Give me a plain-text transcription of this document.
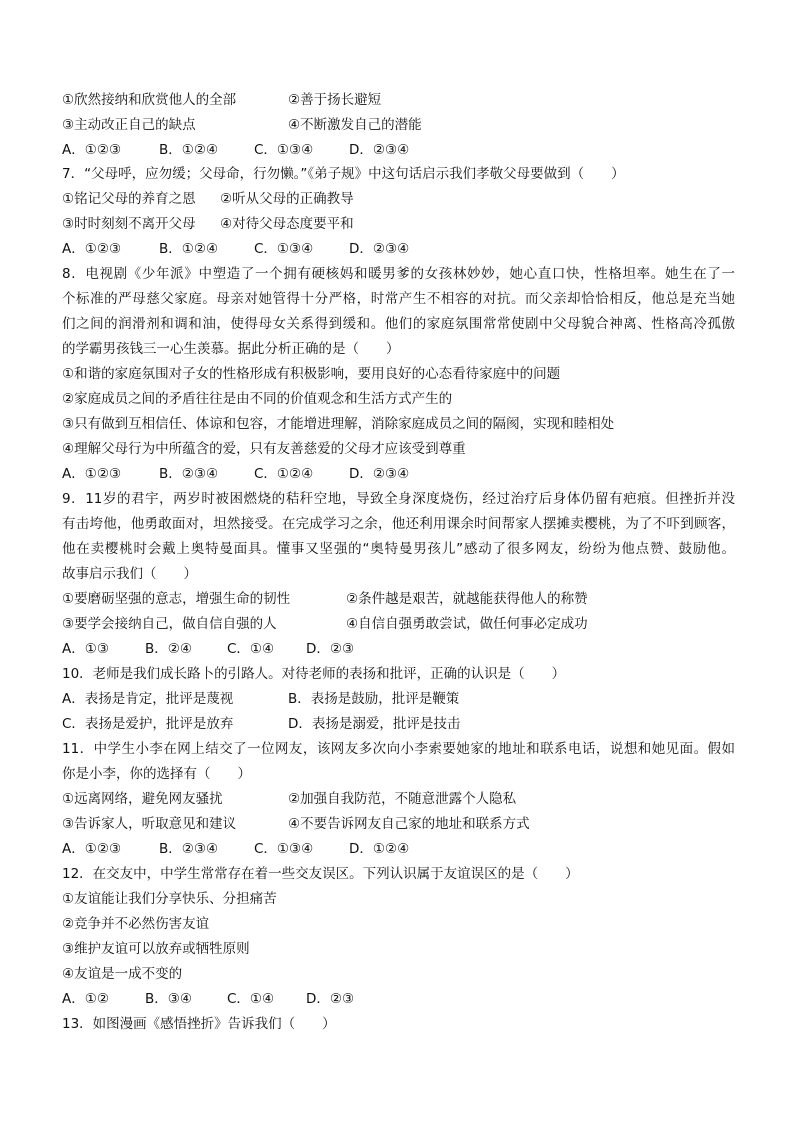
①欣然接纳和欣赏他人的全部	②善于扬长避短
③主动改正自己的缺点	④不断激发自己的潜能
A．①②③	B．①②④	C．①③④	D．②③④
7．“父母呼，应勿缓；父母命，行勿懒。”《弟子规》中这句话启示我们孝敬父母要做到（　　）
①铭记父母的养育之恩 ②听从父母的正确教导
③时时刻刻不离开父母 ④对待父母态度要平和
A．①②③	B．①②④	C．①③④	D．②③④
8．电视剧《少年派》中塑造了一个拥有硬核妈和暖男爹的女孩林妙妙，她心直口快，性格坦率。她生在了一
个标准的严母慈父家庭。母亲对她管得十分严格，时常产生不相容的对抗。而父亲却恰恰相反，他总是充当她
们之间的润滑剂和调和油，使得母女关系得到缓和。他们的家庭氛围常常使剧中父母貌合神离、性格高冷孤傲
的学霸男孩钱三一心生羡慕。据此分析正确的是（　　）
①和谐的家庭氛围对子女的性格形成有积极影响，要用良好的心态看待家庭中的问题
②家庭成员之间的矛盾往往是由不同的价值观念和生活方式产生的
③只有做到互相信任、体谅和包容，才能增进理解，消除家庭成员之间的隔阂，实现和睦相处
④理解父母行为中所蕴含的爱，只有友善慈爱的父母才应该受到尊重
A．①②③	B．②③④	C．①②④	D．②③④
9．11岁的君宇，两岁时被困燃烧的秸秆空地，导致全身深度烧伤，经过治疗后身体仍留有疤痕。但挫折并没
有击垮他，他勇敢面对，坦然接受。在完成学习之余，他还利用课余时间帮家人摆摊卖樱桃，为了不吓到顾客，
他在卖樱桃时会戴上奥特曼面具。懂事又坚强的“奥特曼男孩儿”感动了很多网友，纷纷为他点赞、鼓励他。
故事启示我们（　　）
①要磨砺坚强的意志，增强生命的韧性	②条件越是艰苦，就越能获得他人的称赞
③要学会接纳自己，做自信自强的人	④自信自强勇敢尝试，做任何事必定成功
A．①③	B．②④	C．①④ D．②③
10．老师是我们成长路卜的引路人。对待老师的表扬和批评，正确的认识是（　　）
A．表扬是肯定，批评是蔑视	B．表扬是鼓励，批评是鞭策
C．表扬是爱护，批评是放弃	D．表扬是溺爱，批评是技击
11．中学生小李在网上结交了一位网友，该网友多次向小李索要她家的地址和联系电话，说想和她见面。假如
你是小李，你的选择有（　　）
①远离网络，避免网友骚扰	②加强自我防范，不随意泄露个人隐私
③告诉家人，听取意见和建议	④不要告诉网友自己家的地址和联系方式
A．①②③	B．②③④	C．①③④	D．①②④
12．在交友中，中学生常常存在着一些交友误区。下列认识属于友谊误区的是（　　）
①友谊能让我们分享快乐、分担痛苦
②竞争并不必然伤害友谊
③维护友谊可以放弃或牺牲原则
④友谊是一成不变的
A．①②	B．③④	C．①④ D．②③
13．如图漫画《感悟挫折》告诉我们（　　）
